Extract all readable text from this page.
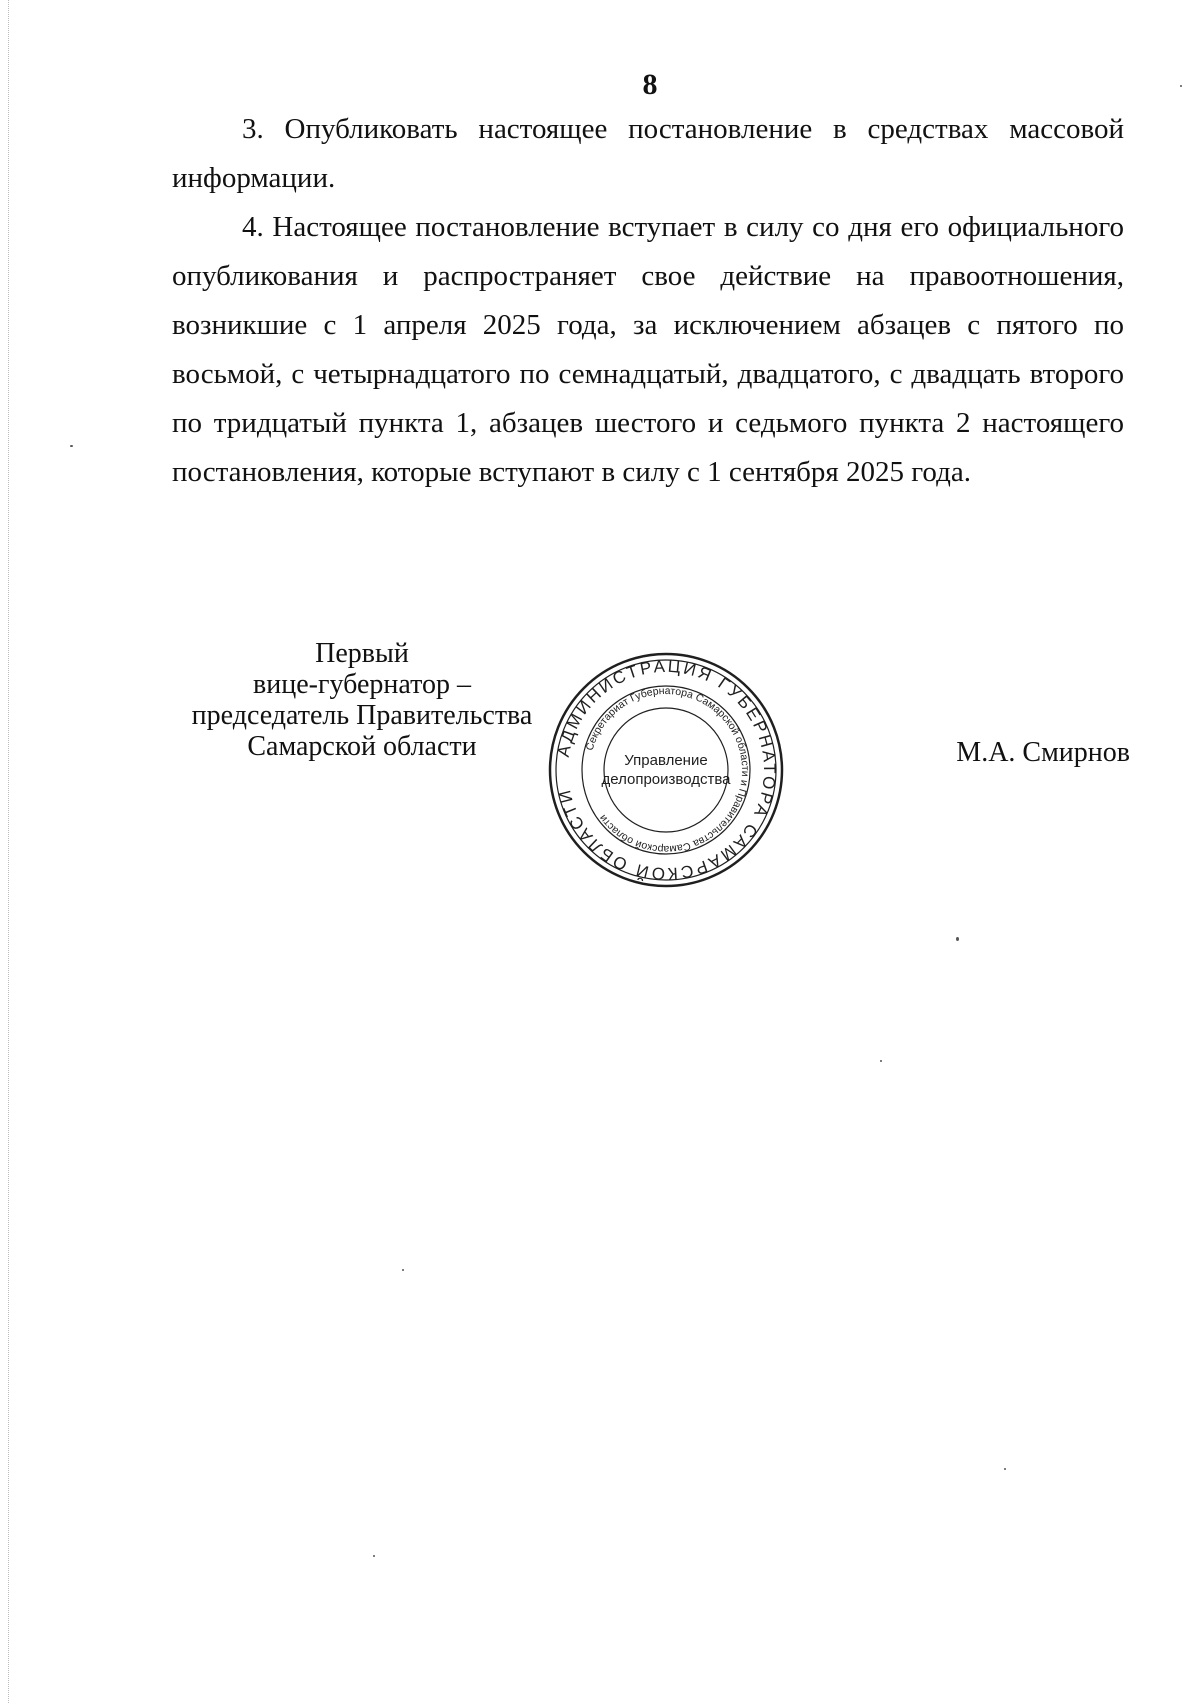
8

3. Опубликовать настоящее постановление в средствах массовой информации.

4. Настоящее постановление вступает в силу со дня его официального опубликования и распространяет свое действие на правоотношения, возникшие с 1 апреля 2025 года, за исключением абзацев с пятого по восьмой, с четырнадцатого по семнадцатый, двадцатого, с двадцать второго по тридцатый пункта 1, абзацев шестого и седьмого пункта 2 настоящего постановления, которые вступают в силу с 1 сентября 2025 года.

Первый
вице-губернатор –
председатель Правительства
Самарской области	АДМИНИСТРАЦИЯ ГУБЕРНАТОРА САМАРСКОЙ ОБЛАСТИ
Секретариат Губернатора Самарской области и Правительства Самарской области
Управление
делопроизводства
М.А. Смирнов
